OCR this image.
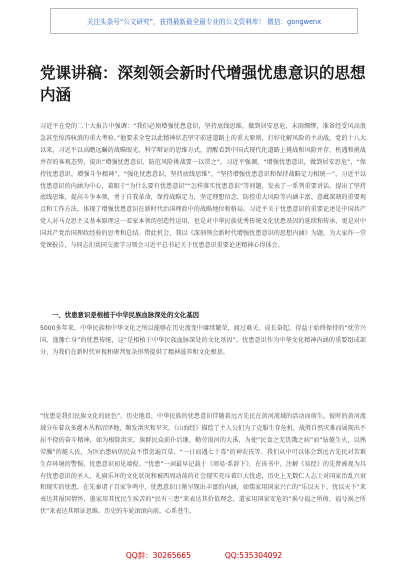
关注头条号“公文研究”，获得最新最全最专业的公文资料库！ 微信：gongwenx
党课讲稿：深刻领会新时代增强忧患意识的思想内涵

习近平在党的二十大报告中强调：“我们必须增强忧患意识，坚持底线思维，做到居安思危、未雨绸缪，准备经受风高浪急甚至惊涛骇浪的重大考验。”他要求全党以此精神状态坚守前进道路上的重大原则，打好化解风险的主动战。党的十八大以来，习近平以高瞻远瞩的战略眼光、科学辩证的思维方式，清醒看到中国式现代化道路上挑战和风险并存，机遇和挑战并存的客观态势，提出“增强忧患意识、防范风险挑战要一以贯之”，习近平强调，“增强忧患意识，做到居安思危”，“保持忧患意识，增强斗争精神”，“强化忧患意识，坚持底线思维”，“坚持增强忧患意识和保持战略定力相统一”，习近平以忧患意识的内涵为中心，着眼于“为什么要有忧患意识”“怎样落实忧患意识”等问题，发表了一系列重要讲话，提出了坚持底线思维，提高斗争本领，勇于自我革命，保持战略定力，坚定理想信念，防控重大风险等内涵丰富、意蕴深刻的重要观点和工作方法，体现了增强忧患意识在新时代治国理政中的战略地位和格局。习近平关于忧患意识的重要论述是中国共产党人对马克思主义基本原理这一看家本领的创造性运用，也是对中华民族优秀传统文化忧患基因的延续和传承，更是对中国共产党治国理政经验的思考和总结。借此机会，我以《深刻领会新时代增强忧患意识的思想内涵》为题，为大家作一堂党课报告，与同志们共同交流学习领会习近平总书记关于忧患意识重要论述精神心得体会。

一、忧患意识是根植于中华民族血脉深处的文化基因

5000多年来，中华民族和中华文化之所以能够在历史流变中赓续繁荣，渡过难关、成长奋起，得益于始终保持的“忧劳兴国、逸豫亡身”的忧患传统，这“是根植于中华民族血脉深处的文化基因”。忧患意识作为中华文化精神内涵的重要组成部分，为我们在新时代审视和研判复杂形势提供了精神滋养和文化根基。

“忧患是我们民族文化的底色”。历史地看，中华民族的忧患意识伴随着远古先民在黄河流域的活动而萌生。彼时的黄河流域分布着众多灌木丛和沼泽地，频发洪灾和旱灾。《山海经》描绘了主人公们为了克服生存危机，战胜自然灾难而展现出不屈不挠的奋斗精神，如为根除洪灾、族群民众前仆后继、勤劳浚河的大禹，为使“民食之无饥饿之病”而“钻燧生火，以熟荤臊”的燧人氏，为医治患病的民众不惜尝遍百草、“一日而遇七十毒”的神农氏等。我们从中可以体会到远古先民对苦难生存环境的警惕、忧患意识初见端倪。“忧患”一词最早记载于《周易·系辞下》，在该书中，注解《易经》的先贤被视为具有忧患意识的圣人，礼崩乐坏的文化状况和被西周动荡的社会现实充斥着巨大忧虑，历史上无数仁人志士对国家治乱兴衰和现实的忧患，在先秦诸子百家争鸣中，忧患意识日渐呈现出丰富的内涵，如儒家用国家兴亡的“乐以天下，忧以天下”来表达其报国情怀，墨家用其忧民生疾苦的“民有三患”来表达其价值理念，道家用国家安危的“祸兮福之所倚，福兮祸之所伏”来表达其辩证思维。历史的车轮滚滚向前，心系苍生、

QQ群：30265665	QQ:535304092
